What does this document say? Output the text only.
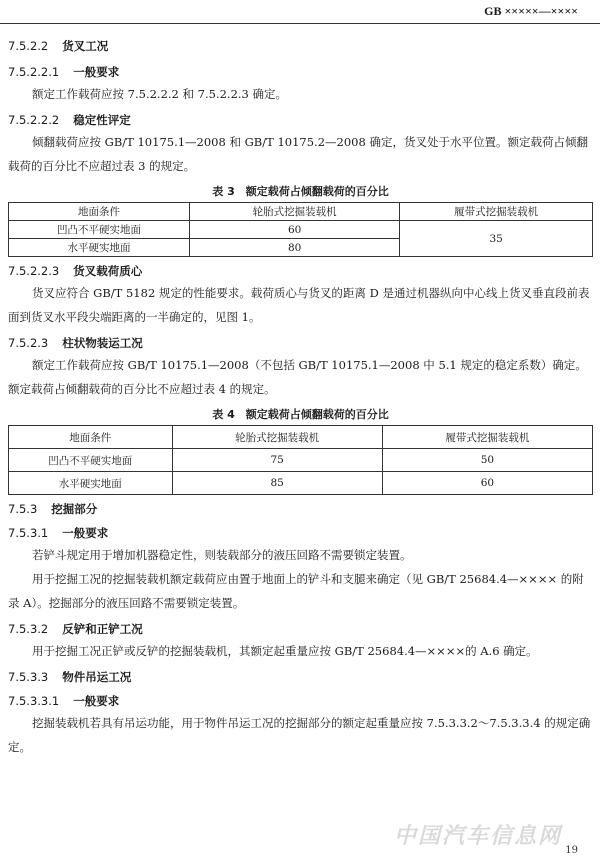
GB ×××××—××××

7.5.2.2 货叉工况

7.5.2.2.1 一般要求

额定工作载荷应按 7.5.2.2.2 和 7.5.2.2.3 确定。

7.5.2.2.2 稳定性评定

倾翻载荷应按 GB/T 10175.1—2008 和 GB/T 10175.2—2008 确定，货叉处于水平位置。额定载荷占倾翻载荷的百分比不应超过表 3 的规定。

表 3　额定载荷占倾翻载荷的百分比

地面条件	轮胎式挖掘装载机	履带式挖掘装载机
凹凸不平硬实地面	60	35
水平硬实地面	80	

7.5.2.2.3 货叉载荷质心

货叉应符合 GB/T 5182 规定的性能要求。载荷质心与货叉的距离 D 是通过机器纵向中心线上货叉垂直段前表面到货叉水平段尖端距离的一半确定的，见图 1。

7.5.2.3 柱状物装运工况

额定工作载荷应按 GB/T 10175.1—2008（不包括 GB/T 10175.1—2008 中 5.1 规定的稳定系数）确定。额定载荷占倾翻载荷的百分比不应超过表 4 的规定。

表 4　额定载荷占倾翻载荷的百分比

地面条件	轮胎式挖掘装载机	履带式挖掘装载机
凹凸不平硬实地面	75	50
水平硬实地面	85	60

7.5.3 挖掘部分

7.5.3.1 一般要求

若铲斗规定用于增加机器稳定性，则装载部分的液压回路不需要锁定装置。

用于挖掘工况的挖掘装载机额定载荷应由置于地面上的铲斗和支腿来确定（见 GB/T 25684.4—×××× 的附录 A）。挖掘部分的液压回路不需要锁定装置。

7.5.3.2 反铲和正铲工况

用于挖掘工况正铲或反铲的挖掘装载机，其额定起重量应按 GB/T 25684.4—××××的 A.6 确定。

7.5.3.3 物件吊运工况

7.5.3.3.1 一般要求

挖掘装载机若具有吊运功能，用于物件吊运工况的挖掘部分的额定起重量应按 7.5.3.3.2～7.5.3.3.4 的规定确定。

中国汽车信息网
19
